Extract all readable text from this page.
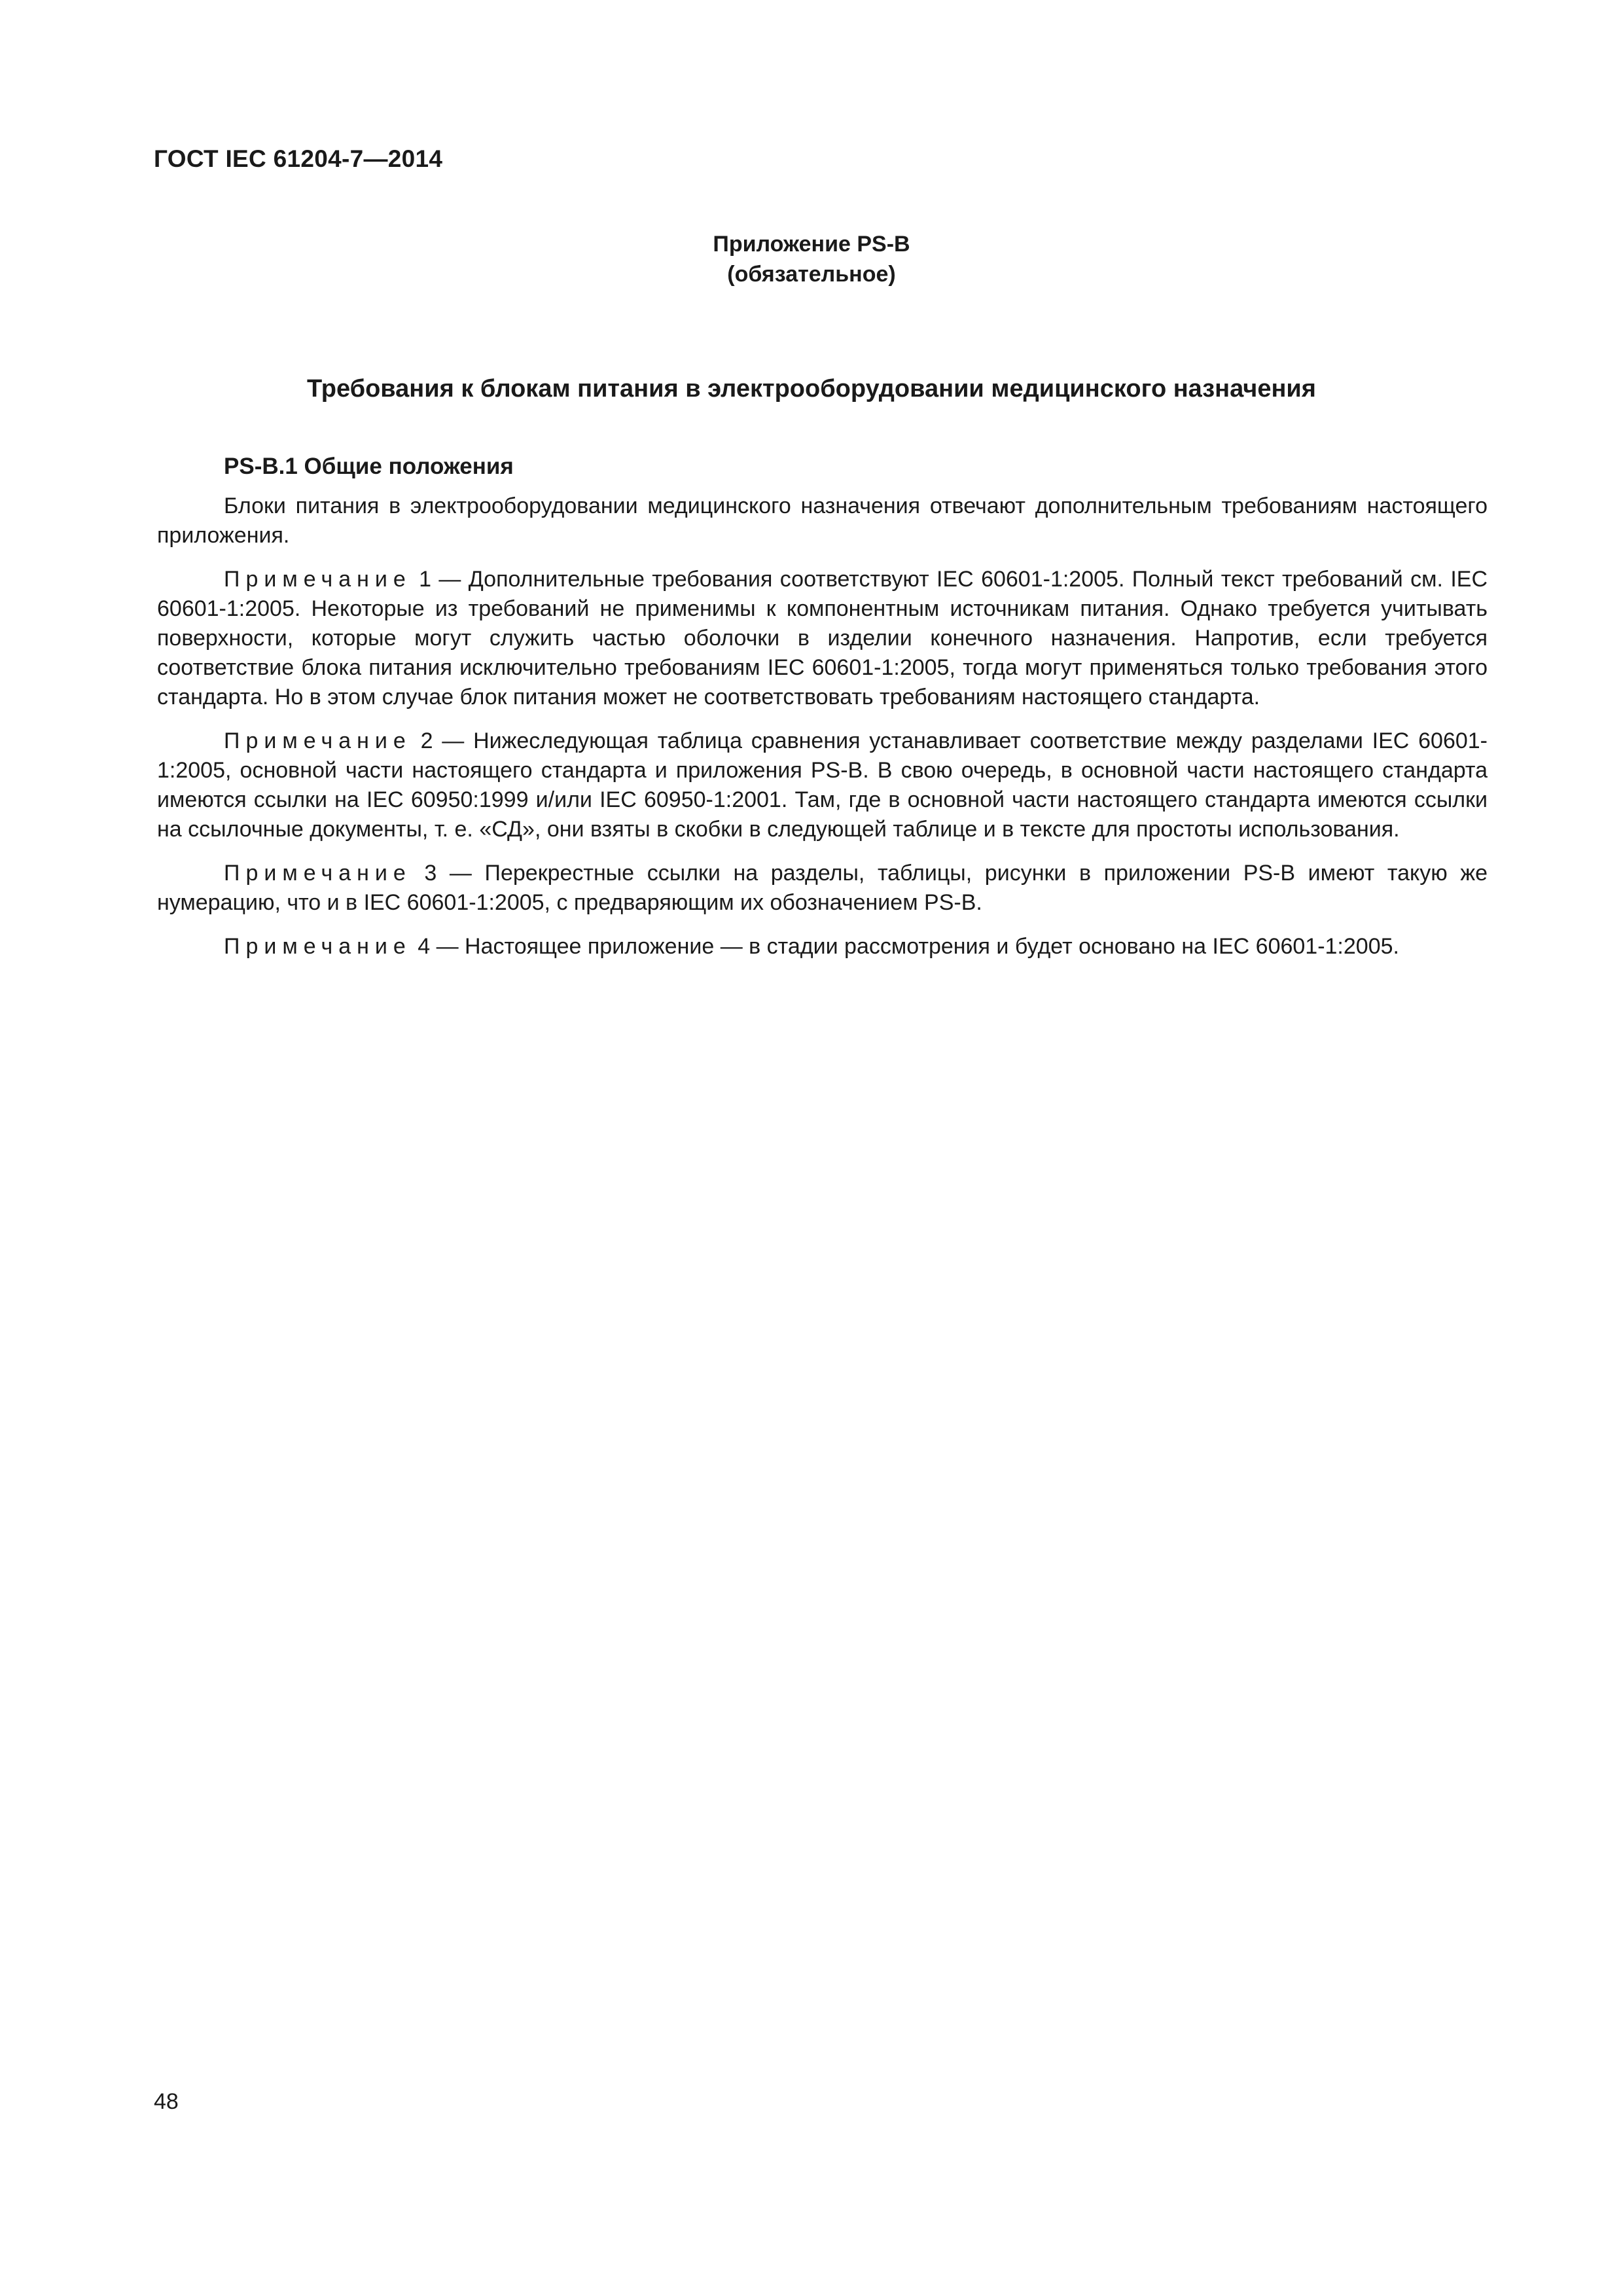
ГОСТ IEC 61204-7—2014
Приложение PS-B
(обязательное)
Требования к блокам питания в электрооборудовании медицинского назначения

PS-B.1 Общие положения

Блоки питания в электрооборудовании медицинского назначения отвечают дополнительным требованиям настоящего приложения.

Примечание 1 — Дополнительные требования соответствуют IEC 60601-1:2005. Полный текст требований см. IEC 60601-1:2005. Некоторые из требований не применимы к компонентным источникам питания. Однако требуется учитывать поверхности, которые могут служить частью оболочки в изделии конечного назначения. Напротив, если требуется соответствие блока питания исключительно требованиям IEC 60601-1:2005, тогда могут применяться только требования этого стандарта. Но в этом случае блок питания может не соответствовать требованиям настоящего стандарта.

Примечание 2 — Нижеследующая таблица сравнения устанавливает соответствие между разделами IEC 60601-1:2005, основной части настоящего стандарта и приложения PS-B. В свою очередь, в основной части настоящего стандарта имеются ссылки на IEC 60950:1999 и/или IEC 60950-1:2001. Там, где в основной части настоящего стандарта имеются ссылки на ссылочные документы, т. е. «СД», они взяты в скобки в следующей таблице и в тексте для простоты использования.

Примечание 3 — Перекрестные ссылки на разделы, таблицы, рисунки в приложении PS-B имеют такую же нумерацию, что и в IEC 60601-1:2005, с предваряющим их обозначением PS-B.

Примечание 4 — Настоящее приложение — в стадии рассмотрения и будет основано на IEC 60601-1:2005.

48
